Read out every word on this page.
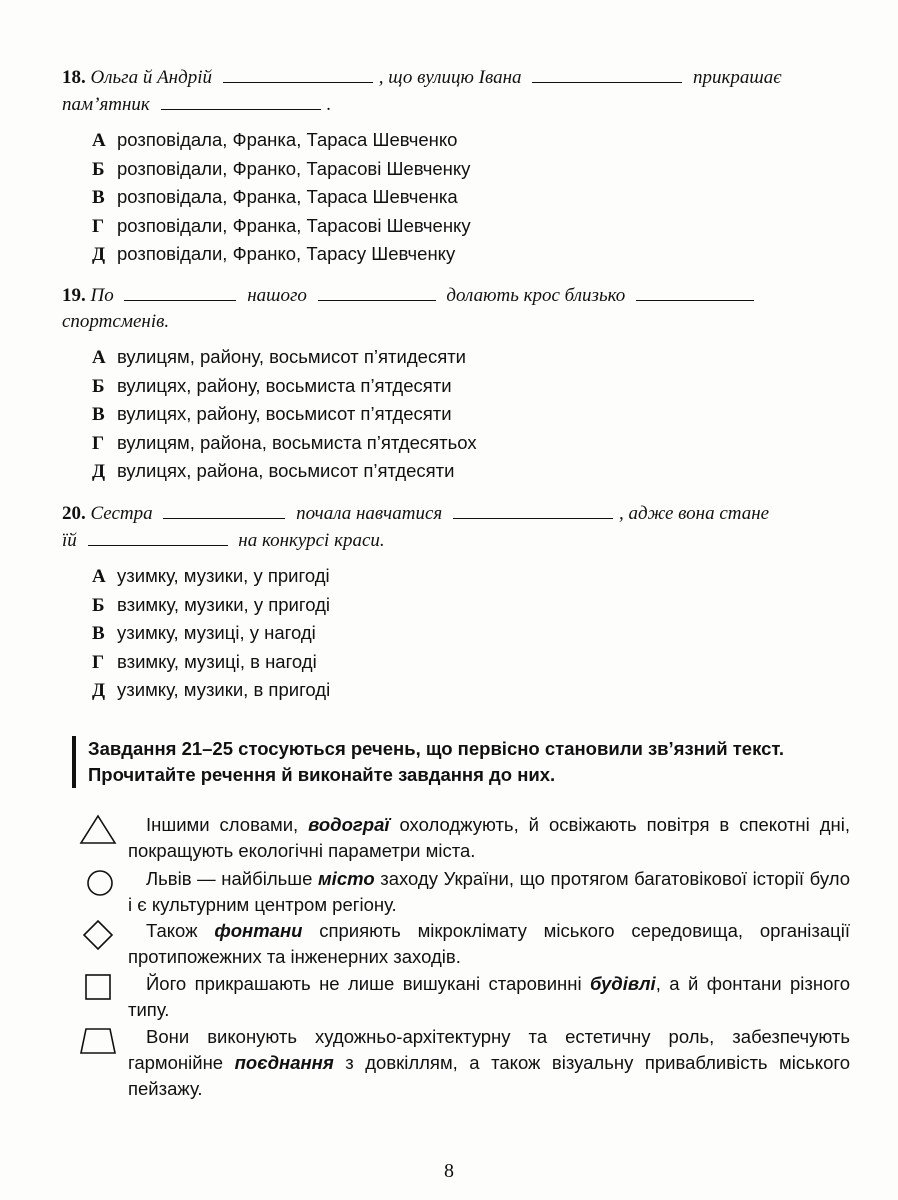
18. Ольга й Андрій	, що вулицю Івана	прикрашає
пам’ятник	.

А розповідала, Франка, Тараса Шевченко
Б розповідали, Франко, Тарасові Шевченку
В розповідала, Франка, Тараса Шевченка
Г розповідали, Франка, Тарасові Шевченку
Д розповідали, Франко, Тарасу Шевченку

19. По	нашого	долають крос близько
спортсменів.

А вулицям, району, восьмисот п’ятидесяти
Б вулицях, району, восьмиста п’ятдесяти
В вулицях, району, восьмисот п’ятдесяти
Г вулицям, района, восьмиста п’ятдесятьох
Д вулицях, района, восьмисот п’ятдесяти

20. Сестра	почала навчатися	, адже вона стане
їй	на конкурсі краси.

А узимку, музики, у пригоді
Б взимку, музики, у пригоді
В узимку, музиці, у нагоді
Г взимку, музиці, в нагоді
Д узимку, музики, в пригоді
Завдання 21–25 стосуються речень, що первісно становили зв’язний текст.
Прочитайте речення й виконайте завдання до них.
Іншими словами, водограї охолоджують, й освіжають повітря в спекотні дні, покращують екологічні параметри міста.
Львів — найбільше місто заходу України, що протягом багатовікової історії було і є культурним центром регіону.
Також фонтани сприяють мікроклімату міського середовища, організації протипожежних та інженерних заходів.
Його прикрашають не лише вишукані старовинні будівлі, а й фонтани різного типу.
Вони виконують художньо-архітектурну та естетичну роль, забезпечують гармонійне поєднання з довкіллям, а також візуальну привабливість міського пейзажу.
8
